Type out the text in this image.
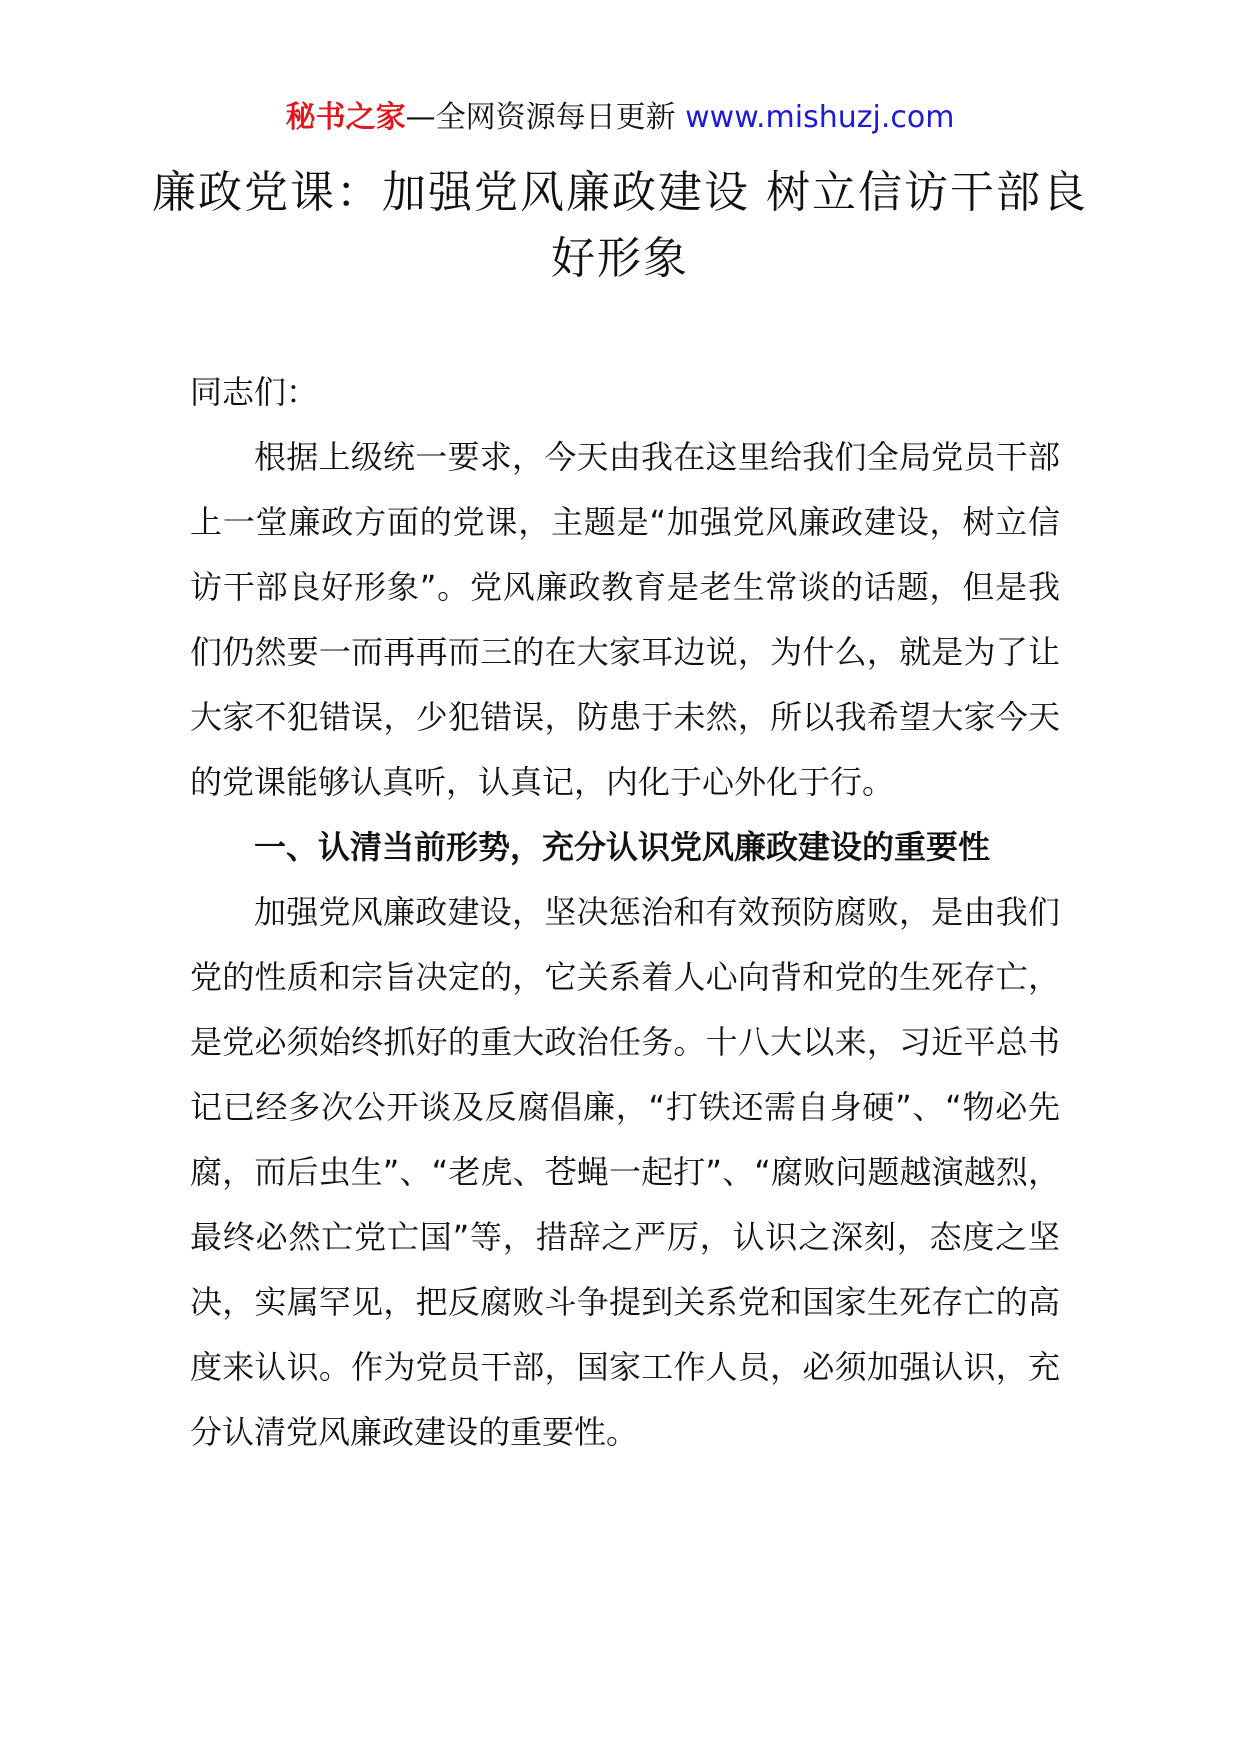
秘书之家—全网资源每日更新 www.mishuzj.com
廉政党课：加强党风廉政建设 树立信访干部良好形象

同志们：

根据上级统一要求，今天由我在这里给我们全局党员干部上一堂廉政方面的党课，主题是“加强党风廉政建设，树立信访干部良好形象”。党风廉政教育是老生常谈的话题，但是我们仍然要一而再再而三的在大家耳边说，为什么，就是为了让大家不犯错误，少犯错误，防患于未然，所以我希望大家今天的党课能够认真听，认真记，内化于心外化于行。

一、认清当前形势，充分认识党风廉政建设的重要性

加强党风廉政建设，坚决惩治和有效预防腐败，是由我们党的性质和宗旨决定的，它关系着人心向背和党的生死存亡，是党必须始终抓好的重大政治任务。十八大以来，习近平总书记已经多次公开谈及反腐倡廉，“打铁还需自身硬”、“物必先腐，而后虫生”、“老虎、苍蝇一起打”、“腐败问题越演越烈，最终必然亡党亡国”等，措辞之严厉，认识之深刻，态度之坚决，实属罕见，把反腐败斗争提到关系党和国家生死存亡的高度来认识。作为党员干部，国家工作人员，必须加强认识，充分认清党风廉政建设的重要性。
